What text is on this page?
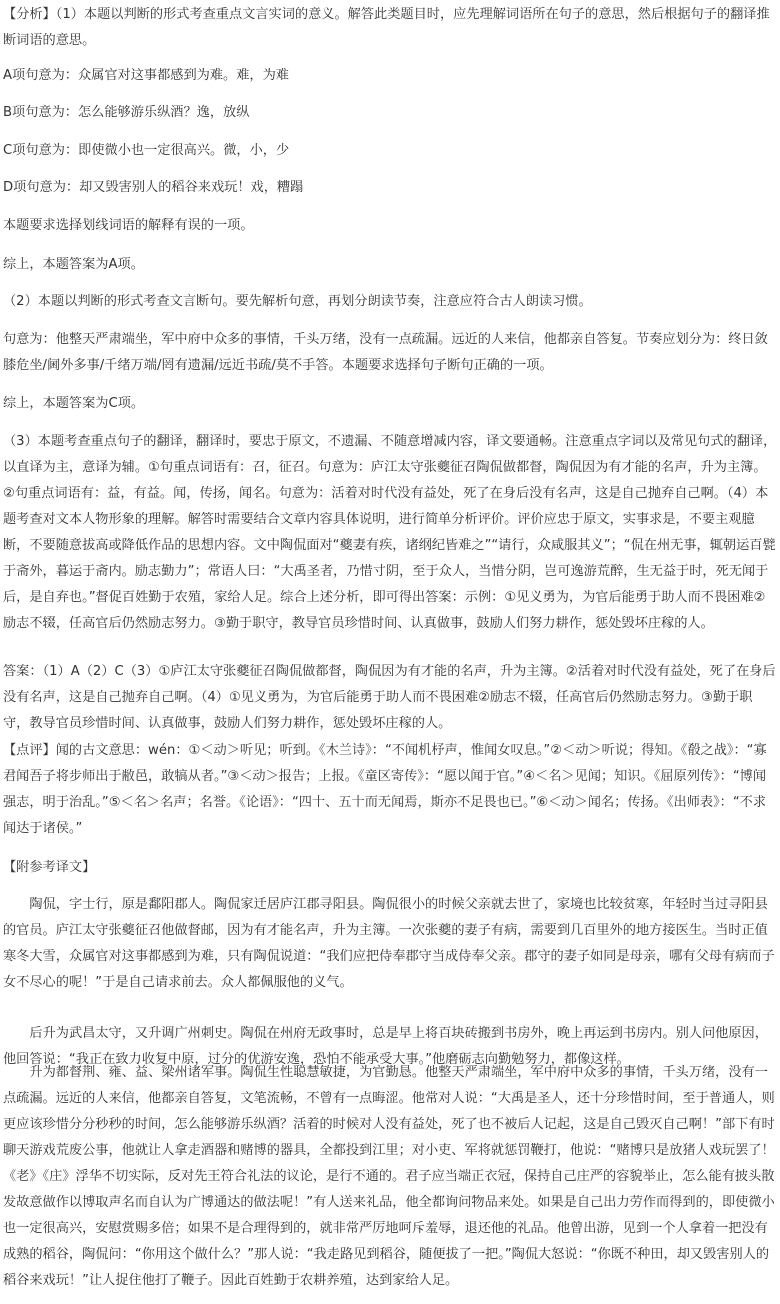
【分析】（1）本题以判断的形式考查重点文言实词的意义。解答此类题目时，应先理解词语所在句子的意思，然后根据句子的翻译推断词语的意思。

A项句意为：众属官对这事都感到为难。难，为难

B项句意为：怎么能够游乐纵酒？逸，放纵

C项句意为：即使微小也一定很高兴。微，小，少

D项句意为：却又毁害别人的稻谷来戏玩！戏，糟蹋

本题要求选择划线词语的解释有误的一项。

综上，本题答案为A项。

（2）本题以判断的形式考查文言断句。要先解析句意，再划分朗读节奏，注意应符合古人朗读习惯。

句意为：他整天严肃端坐，军中府中众多的事情，千头万绪，没有一点疏漏。远近的人来信，他都亲自答复。节奏应划分为：终日敛膝危坐/阃外多事/千绪万端/罔有遗漏/远近书疏/莫不手答。本题要求选择句子断句正确的一项。

综上，本题答案为C项。

（3）本题考查重点句子的翻译，翻译时，要忠于原文，不遗漏、不随意增减内容，译文要通畅。注意重点字词以及常见句式的翻译，以直译为主，意译为辅。①句重点词语有：召，征召。句意为：庐江太守张夔征召陶侃做都督，陶侃因为有才能的名声，升为主簿。②句重点词语有：益，有益。闻，传扬，闻名。句意为：活着对时代没有益处，死了在身后没有名声，这是自己抛弃自己啊。（4）本题考查对文本人物形象的理解。解答时需要结合文章内容具体说明，进行简单分析评价。评价应忠于原文，实事求是，不要主观臆断，不要随意拔高或降低作品的思想内容。文中陶侃面对“夔妻有疾，诸纲纪皆难之”“请行，众咸服其义”；“侃在州无事，辄朝运百甓于斋外，暮运于斋内。励志勤力”；常语人曰：“大禹圣者，乃惜寸阴，至于众人，当惜分阴，岂可逸游荒醉，生无益于时，死无闻于后，是自弃也。”督促百姓勤于农殖，家给人足。综合上述分析，即可得出答案：示例：①见义勇为，为官后能勇于助人而不畏困难②励志不辍，任高官后仍然励志努力。③勤于职守，教导官员珍惜时间、认真做事，鼓励人们努力耕作，惩处毁坏庄稼的人。

答案：（1）A（2）C（3）①庐江太守张夔征召陶侃做都督，陶侃因为有才能的名声，升为主簿。②活着对时代没有益处，死了在身后没有名声，这是自己抛弃自己啊。（4）①见义勇为，为官后能勇于助人而不畏困难②励志不辍，任高官后仍然励志努力。③勤于职守，教导官员珍惜时间、认真做事，鼓励人们努力耕作，惩处毁坏庄稼的人。

【点评】闻的古文意思：wén：①＜动＞听见；听到。《木兰诗》：“不闻机杼声，惟闻女叹息。”②＜动＞听说；得知。《殽之战》：“寡君闻吾子将步师出于敝邑，敢犒从者。”③＜动＞报告；上报。《童区寄传》：“愿以闻于官。”④＜名＞见闻；知识。《屈原列传》：“博闻强志，明于治乱。”⑤＜名＞名声；名誉。《论语》：“四十、五十而无闻焉，斯亦不足畏也已。”⑥＜动＞闻名；传扬。《出师表》：“不求闻达于诸侯。”

【附参考译文】

陶侃，字士行，原是鄱阳郡人。陶侃家迁居庐江郡寻阳县。陶侃很小的时候父亲就去世了，家境也比较贫寒，年轻时当过寻阳县的官员。庐江太守张夔征召他做督邮，因为有才能名声，升为主簿。一次张夔的妻子有病，需要到几百里外的地方接医生。当时正值寒冬大雪，众属官对这事都感到为难，只有陶侃说道：“我们应把侍奉郡守当成侍奉父亲。郡守的妻子如同是母亲，哪有父母有病而子女不尽心的呢！”于是自己请求前去。众人都佩服他的义气。

后升为武昌太守，又升调广州刺史。陶侃在州府无政事时，总是早上将百块砖搬到书房外，晚上再运到书房内。别人问他原因，他回答说：“我正在致力收复中原，过分的优游安逸，恐怕不能承受大事。”他磨砺志向勤勉努力，都像这样。

升为都督荆、雍、益、梁州诸军事。陶侃生性聪慧敏捷，为官勤恳。他整天严肃端坐，军中府中众多的事情，千头万绪，没有一点疏漏。远近的人来信，他都亲自答复，文笔流畅，不曾有一点晦涩。他常对人说：“大禹是圣人，还十分珍惜时间，至于普通人，则更应该珍惜分分秒秒的时间，怎么能够游乐纵酒？活着的时候对人没有益处，死了也不被后人记起，这是自己毁灭自己啊！”部下有时聊天游戏荒废公事，他就让人拿走酒器和赌博的器具，全都投到江里；对小吏、军将就惩罚鞭打，他说：“赌博只是放猪人戏玩罢了！《老》《庄》浮华不切实际，反对先王符合礼法的议论，是行不通的。君子应当端正衣冠，保持自己庄严的容貌举止，怎么能有披头散发故意做作以博取声名而自认为广博通达的做法呢！”有人送来礼品，他全都询问物品来处。如果是自己出力劳作而得到的，即使微小也一定很高兴，安慰赏赐多倍；如果不是合理得到的，就非常严厉地呵斥羞辱，退还他的礼品。他曾出游，见到一个人拿着一把没有成熟的稻谷，陶侃问：“你用这个做什么？”那人说：“我走路见到稻谷，随便拔了一把。”陶侃大怒说：“你既不种田，却又毁害别人的稻谷来戏玩！”让人捉住他打了鞭子。因此百姓勤于农耕养殖，达到家给人足。
